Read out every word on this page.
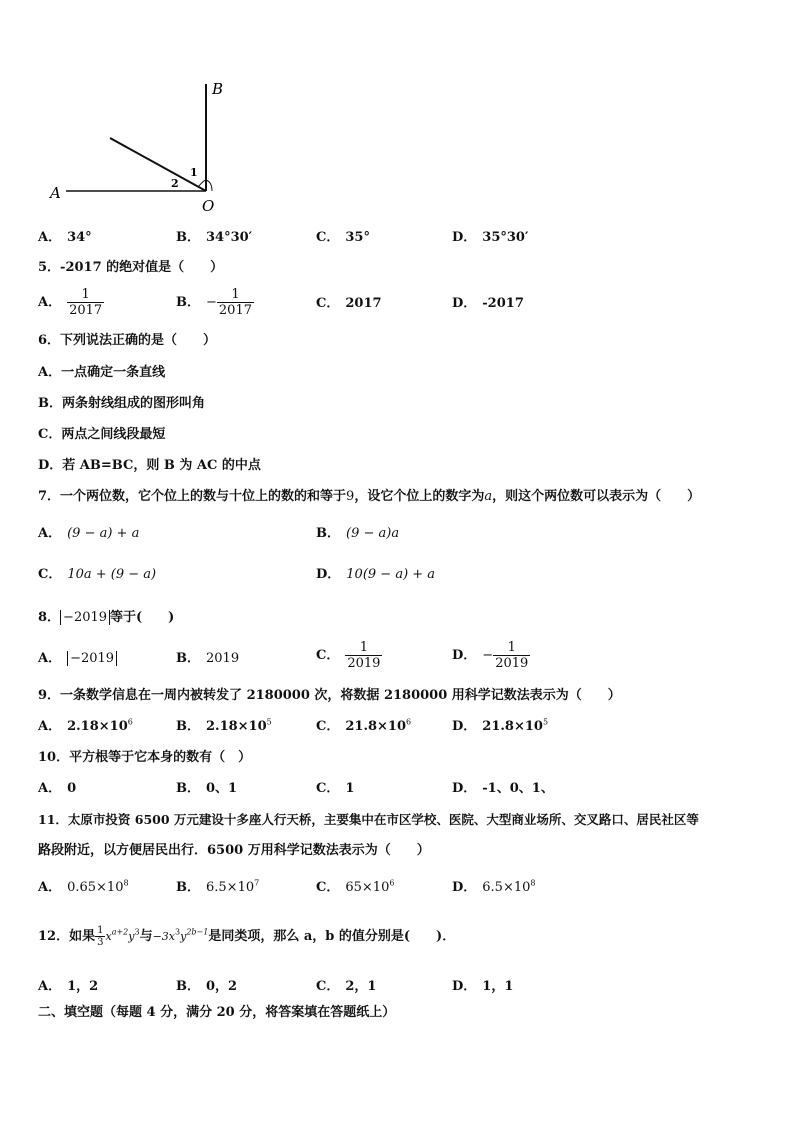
B
A
O
1
2
A． 34°	B． 34°30′	C． 35°	D． 35°30′
5．-2017 的绝对值是（　　）
A． $\frac{1}{2017}$	B． − $\frac{1}{2017}$	C． 2017	D． -2017
6．下列说法正确的是（　　）
A．一点确定一条直线
B．两条射线组成的图形叫角
C．两点之间线段最短
D．若 AB=BC，则 B 为 AC 的中点
7．一个两位数，它个位上的数与十位上的数的和等于9，设它个位上的数字为a，则这个两位数可以表示为（　　）
A． (9 − a) + a	B． (9 − a)a
C． 10a + (9 − a)	D． 10(9 − a) + a
8． −2019 等于(　　)
A． −2019	B． 2019	C． $\frac{1}{2019}$	D． − $\frac{1}{2019}$
9．一条数学信息在一周内被转发了 2180000 次，将数据 2180000 用科学记数法表示为（　　）
A． $2.18\times 10^6$	B． $2.18\times 10^5$	C． $21.8\times 10^6$	D． $21.8\times 10^5$
10．平方根等于它本身的数有（　）
A． 0	B． 0、1	C． 1	D． -1、0、1、
11．太原市投资 6500 万元建设十多座人行天桥，主要集中在市区学校、医院、大型商业场所、交叉路口、居民社区等
路段附近，以方便居民出行．6500 万用科学记数法表示为（　　）
A． $0.65\times 10^8$	B． $6.5\times 10^7$	C． $65\times 10^6$	D． $6.5\times 10^8$
12．如果 $\frac{1}{3} x^{a+2}y^3$与$-3x^3y^{2b-1}$是同类项，那么 a，b 的值分别是(　　)．
A． 1，2	B． 0，2	C． 2，1	D． 1，1
二、填空题（每题 4 分，满分 20 分，将答案填在答题纸上）
